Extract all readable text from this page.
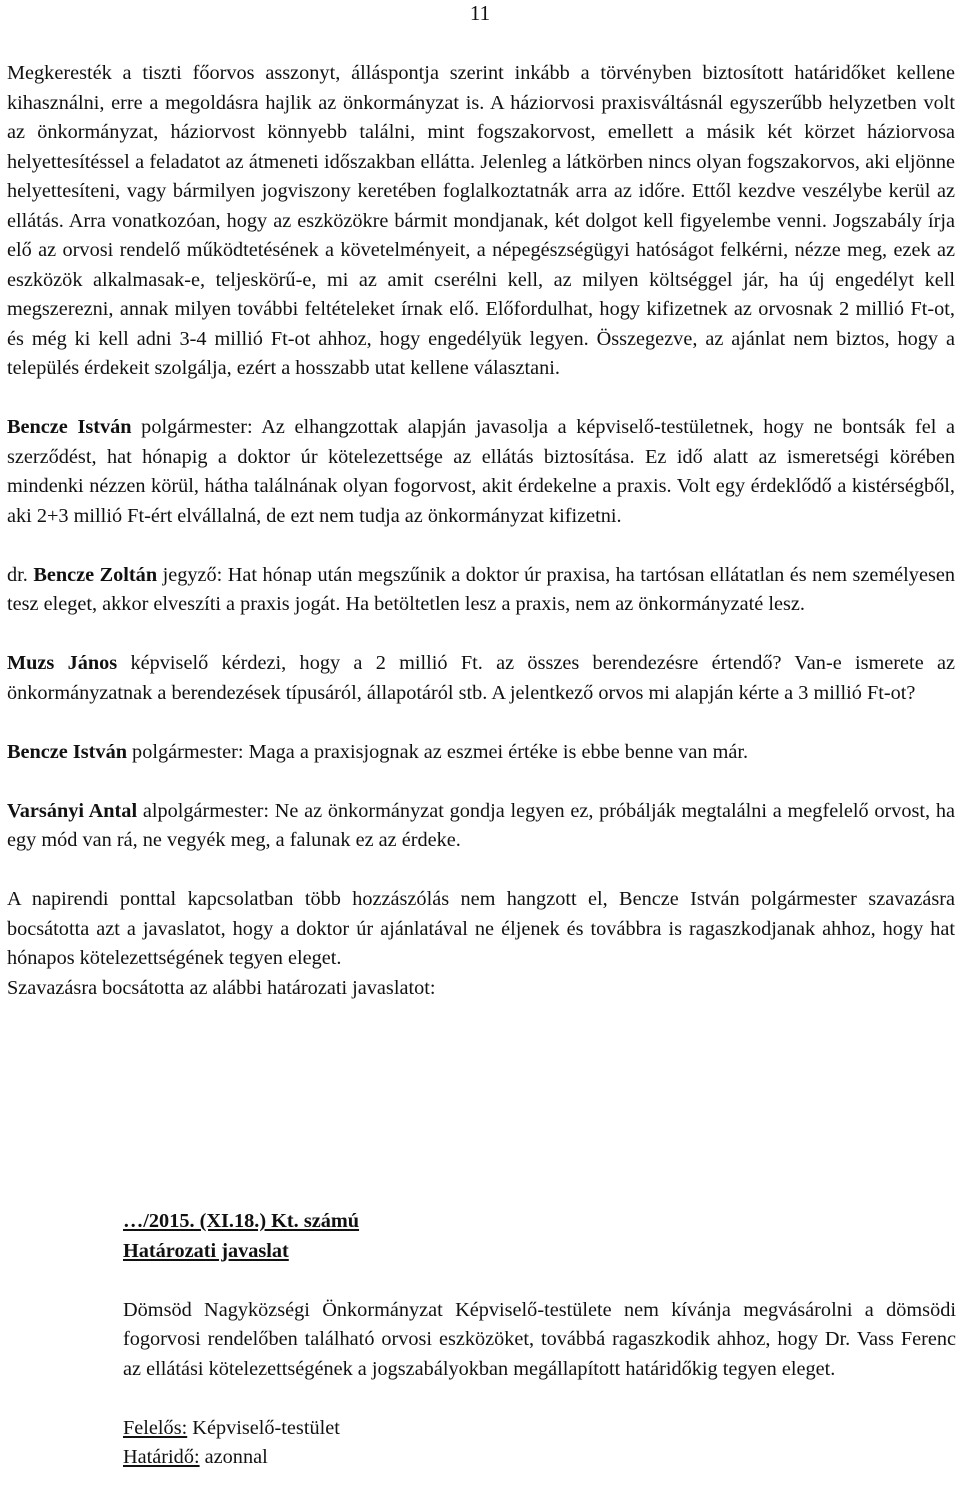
11

Megkeresték a tiszti főorvos asszonyt, álláspontja szerint inkább a törvényben biztosított határidőket kellene kihasználni, erre a megoldásra hajlik az önkormányzat is. A háziorvosi praxisváltásnál egyszerűbb helyzetben volt az önkormányzat, háziorvost könnyebb találni, mint fogszakorvost, emellett a másik két körzet háziorvosa helyettesítéssel a feladatot az átmeneti időszakban ellátta. Jelenleg a látkörben nincs olyan fogszakorvos, aki eljönne helyettesíteni, vagy bármilyen jogviszony keretében foglalkoztatnák arra az időre. Ettől kezdve veszélybe kerül az ellátás. Arra vonatkozóan, hogy az eszközökre bármit mondjanak, két dolgot kell figyelembe venni. Jogszabály írja elő az orvosi rendelő működtetésének a követelményeit, a népegészségügyi hatóságot felkérni, nézze meg, ezek az eszközök alkalmasak-e, teljeskörű-e, mi az amit cserélni kell, az milyen költséggel jár, ha új engedélyt kell megszerezni, annak milyen további feltételeket írnak elő. Előfordulhat, hogy kifizetnek az orvosnak 2 millió Ft-ot, és még ki kell adni 3-4 millió Ft-ot ahhoz, hogy engedélyük legyen. Összegezve, az ajánlat nem biztos, hogy a település érdekeit szolgálja, ezért a hosszabb utat kellene választani.

Bencze István polgármester: Az elhangzottak alapján javasolja a képviselő-testületnek, hogy ne bontsák fel a szerződést, hat hónapig a doktor úr kötelezettsége az ellátás biztosítása. Ez idő alatt az ismeretségi körében mindenki nézzen körül, hátha találnának olyan fogorvost, akit érdekelne a praxis. Volt egy érdeklődő a kistérségből, aki 2+3 millió Ft-ért elvállalná, de ezt nem tudja az önkormányzat kifizetni.

dr. Bencze Zoltán jegyző: Hat hónap után megszűnik a doktor úr praxisa, ha tartósan ellátatlan és nem személyesen tesz eleget, akkor elveszíti a praxis jogát. Ha betöltetlen lesz a praxis, nem az önkormányzaté lesz.

Muzs János képviselő kérdezi, hogy a 2 millió Ft. az összes berendezésre értendő? Van-e ismerete az önkormányzatnak a berendezések típusáról, állapotáról stb. A jelentkező orvos mi alapján kérte a 3 millió Ft-ot?

Bencze István polgármester: Maga a praxisjognak az eszmei értéke is ebbe benne van már.

Varsányi Antal alpolgármester: Ne az önkormányzat gondja legyen ez, próbálják megtalálni a megfelelő orvost, ha egy mód van rá, ne vegyék meg, a falunak ez az érdeke.

A napirendi ponttal kapcsolatban több hozzászólás nem hangzott el, Bencze István polgármester szavazásra bocsátotta azt a javaslatot, hogy a doktor úr ajánlatával ne éljenek és továbbra is ragaszkodjanak ahhoz, hogy hat hónapos kötelezettségének tegyen eleget.

Szavazásra bocsátotta az alábbi határozati javaslatot:

…/2015. (XI.18.) Kt. számú

Határozati javaslat

Dömsöd Nagyközségi Önkormányzat Képviselő-testülete nem kívánja megvásárolni a dömsödi fogorvosi rendelőben található orvosi eszközöket, továbbá ragaszkodik ahhoz, hogy Dr. Vass Ferenc az ellátási kötelezettségének a jogszabályokban megállapított határidőkig tegyen eleget.

Felelős: Képviselő-testület
Határidő: azonnal
